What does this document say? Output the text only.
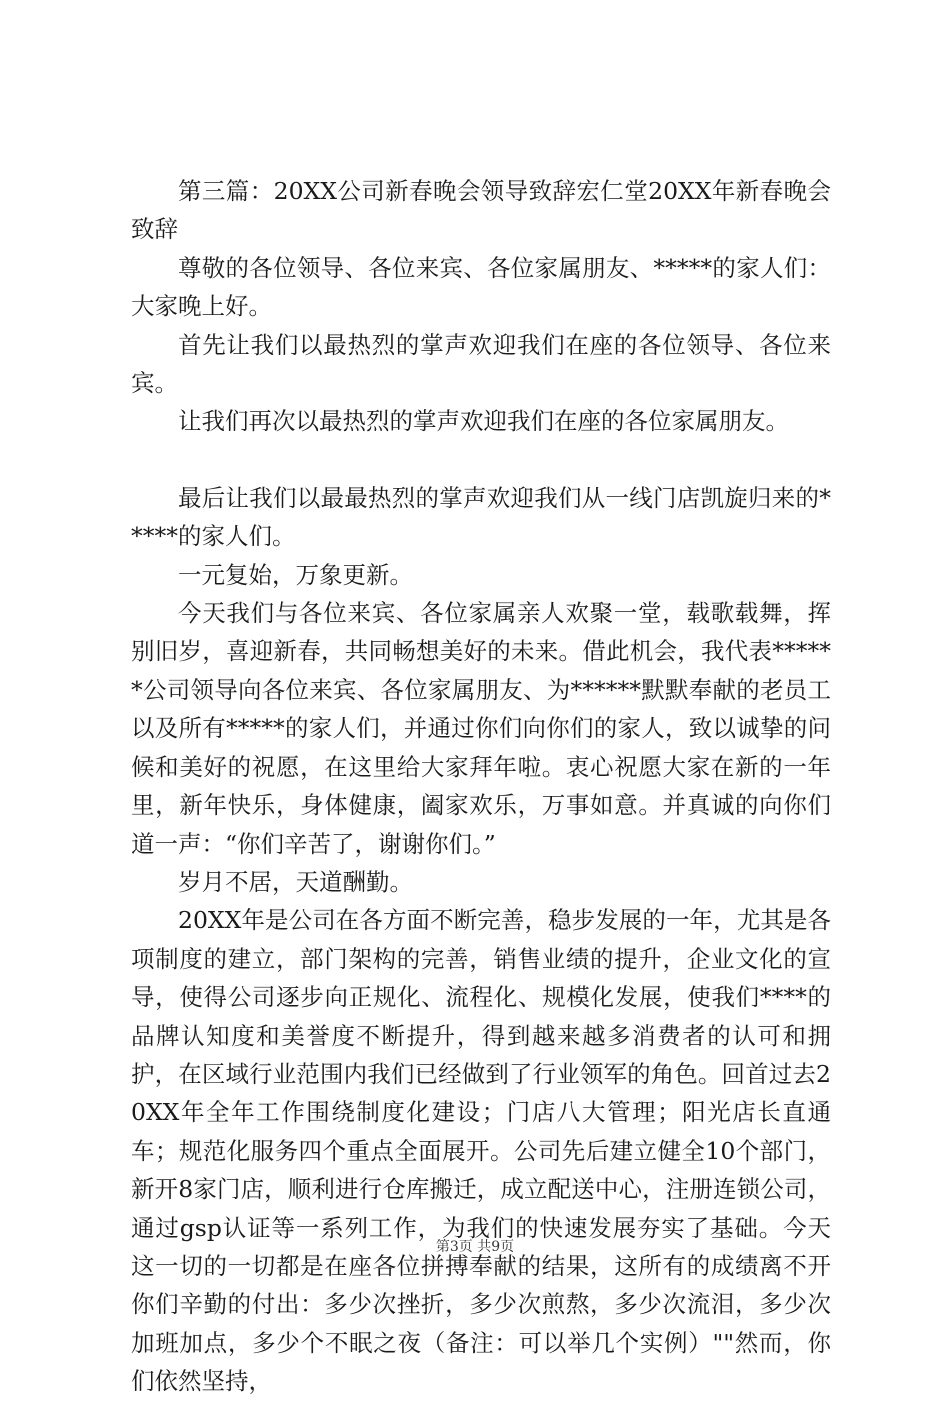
第三篇：20XX公司新春晚会领导致辞宏仁堂20XX年新春晚会致辞

尊敬的各位领导、各位来宾、各位家属朋友、*****的家人们：大家晚上好。

首先让我们以最热烈的掌声欢迎我们在座的各位领导、各位来宾。

让我们再次以最热烈的掌声欢迎我们在座的各位家属朋友。

最后让我们以最最热烈的掌声欢迎我们从一线门店凯旋归来的*****的家人们。

一元复始，万象更新。

今天我们与各位来宾、各位家属亲人欢聚一堂，载歌载舞，挥别旧岁，喜迎新春，共同畅想美好的未来。借此机会，我代表******公司领导向各位来宾、各位家属朋友、为******默默奉献的老员工以及所有*****的家人们，并通过你们向你们的家人，致以诚挚的问候和美好的祝愿，在这里给大家拜年啦。衷心祝愿大家在新的一年里，新年快乐，身体健康，阖家欢乐，万事如意。并真诚的向你们道一声：“你们辛苦了，谢谢你们。”

岁月不居，天道酬勤。

20XX年是公司在各方面不断完善，稳步发展的一年，尤其是各项制度的建立，部门架构的完善，销售业绩的提升，企业文化的宣导，使得公司逐步向正规化、流程化、规模化发展，使我们****的品牌认知度和美誉度不断提升，得到越来越多消费者的认可和拥护，在区域行业范围内我们已经做到了行业领军的角色。回首过去20XX年全年工作围绕制度化建设；门店八大管理；阳光店长直通车；规范化服务四个重点全面展开。公司先后建立健全10个部门，新开8家门店，顺利进行仓库搬迁，成立配送中心，注册连锁公司，通过gsp认证等一系列工作，为我们的快速发展夯实了基础。今天这一切的一切都是在座各位拼搏奉献的结果，这所有的成绩离不开你们辛勤的付出：多少次挫折，多少次煎熬，多少次流泪，多少次加班加点，多少个不眠之夜（备注：可以举几个实例）""然而，你们依然坚持，

第3页 共9页
